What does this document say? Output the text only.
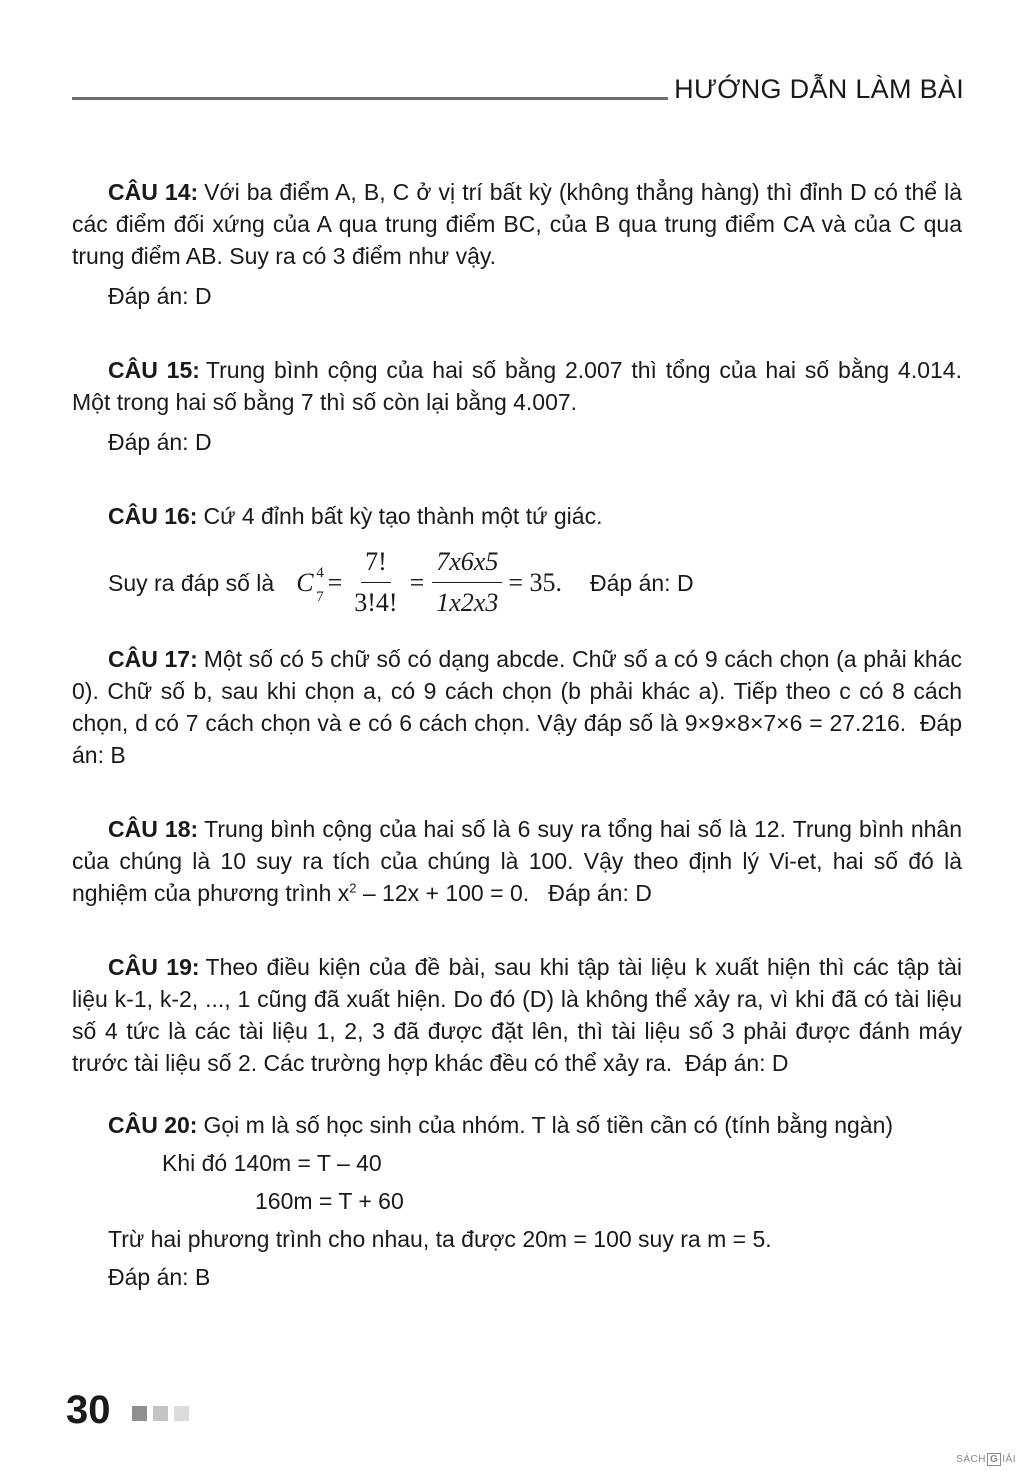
HƯỚNG DẪN LÀM BÀI

CÂU 14: Với ba điểm A, B, C ở vị trí bất kỳ (không thẳng hàng) thì đỉnh D có thể là các điểm đối xứng của A qua trung điểm BC, của B qua trung điểm CA và của C qua trung điểm AB. Suy ra có 3 điểm như vậy.

Đáp án: D

CÂU 15: Trung bình cộng của hai số bằng 2.007 thì tổng của hai số bằng 4.014. Một trong hai số bằng 7 thì số còn lại bằng 4.007.

Đáp án: D

CÂU 16: Cứ 4 đỉnh bất kỳ tạo thành một tứ giác.

Suy ra đáp số là C 4
$7 = \frac{7!}{3!4!} = \frac{7x6x5}{1x2x3} = 35$. Đáp án: D

CÂU 17: Một số có 5 chữ số có dạng abcde. Chữ số a có 9 cách chọn (a phải khác 0). Chữ số b, sau khi chọn a, có 9 cách chọn (b phải khác a). Tiếp theo c có 8 cách chọn, d có 7 cách chọn và e có 6 cách chọn. Vậy đáp số là 9×9×8×7×6 = 27.216. Đáp án: B

CÂU 18: Trung bình cộng của hai số là 6 suy ra tổng hai số là 12. Trung bình nhân của chúng là 10 suy ra tích của chúng là 100. Vậy theo định lý Vi-et, hai số đó là nghiệm của phương trình $x^2 - 12x + 100 = 0$. Đáp án: D

CÂU 19: Theo điều kiện của đề bài, sau khi tập tài liệu k xuất hiện thì các tập tài liệu k-1, k-2, ..., 1 cũng đã xuất hiện. Do đó (D) là không thể xảy ra, vì khi đã có tài liệu số 4 tức là các tài liệu 1, 2, 3 đã được đặt lên, thì tài liệu số 3 phải được đánh máy trước tài liệu số 2. Các trường hợp khác đều có thể xảy ra. Đáp án: D

CÂU 20: Gọi m là số học sinh của nhóm. T là số tiền cần có (tính bằng ngàn)

Khi đó 140m = T – 40
160m = T + 60
Trừ hai phương trình cho nhau, ta được 20m = 100 suy ra m = 5.
Đáp án: B
30
SÁCH G IẢI
